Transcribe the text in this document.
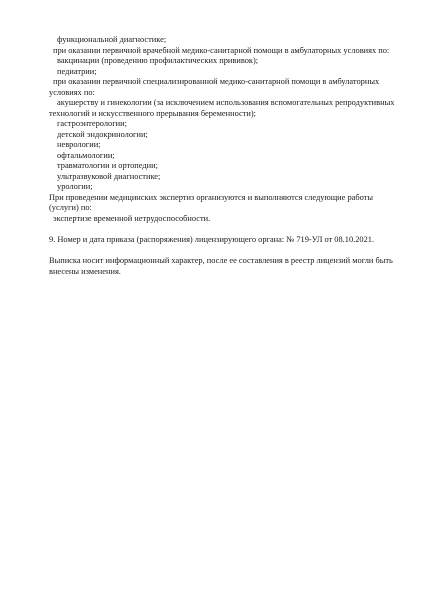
функциональной диагностике;
при оказании первичной врачебной медико-санитарной помощи в амбулаторных условиях по:
вакцинации (проведению профилактических прививок);
педиатрии;
при оказании первичной специализированной медико-санитарной помощи в амбулаторных
условиях по:
акушерству и гинекологии (за исключением использования вспомогательных репродуктивных
технологий и искусственного прерывания беременности);
гастроэнтерологии;
детской эндокринологии;
неврологии;
офтальмологии;
травматологии и ортопедии;
ультразвуковой диагностике;
урологии;
При проведении медицинских экспертиз организуются и выполняются следующие работы
(услуги) по:
экспертизе временной нетрудоспособности.
9. Номер и дата приказа (распоряжения) лицензирующего органа: № 719-УЛ от 08.10.2021.
Выписка носит информационный характер, после ее составления в реестр лицензий могли быть
внесены изменения.
